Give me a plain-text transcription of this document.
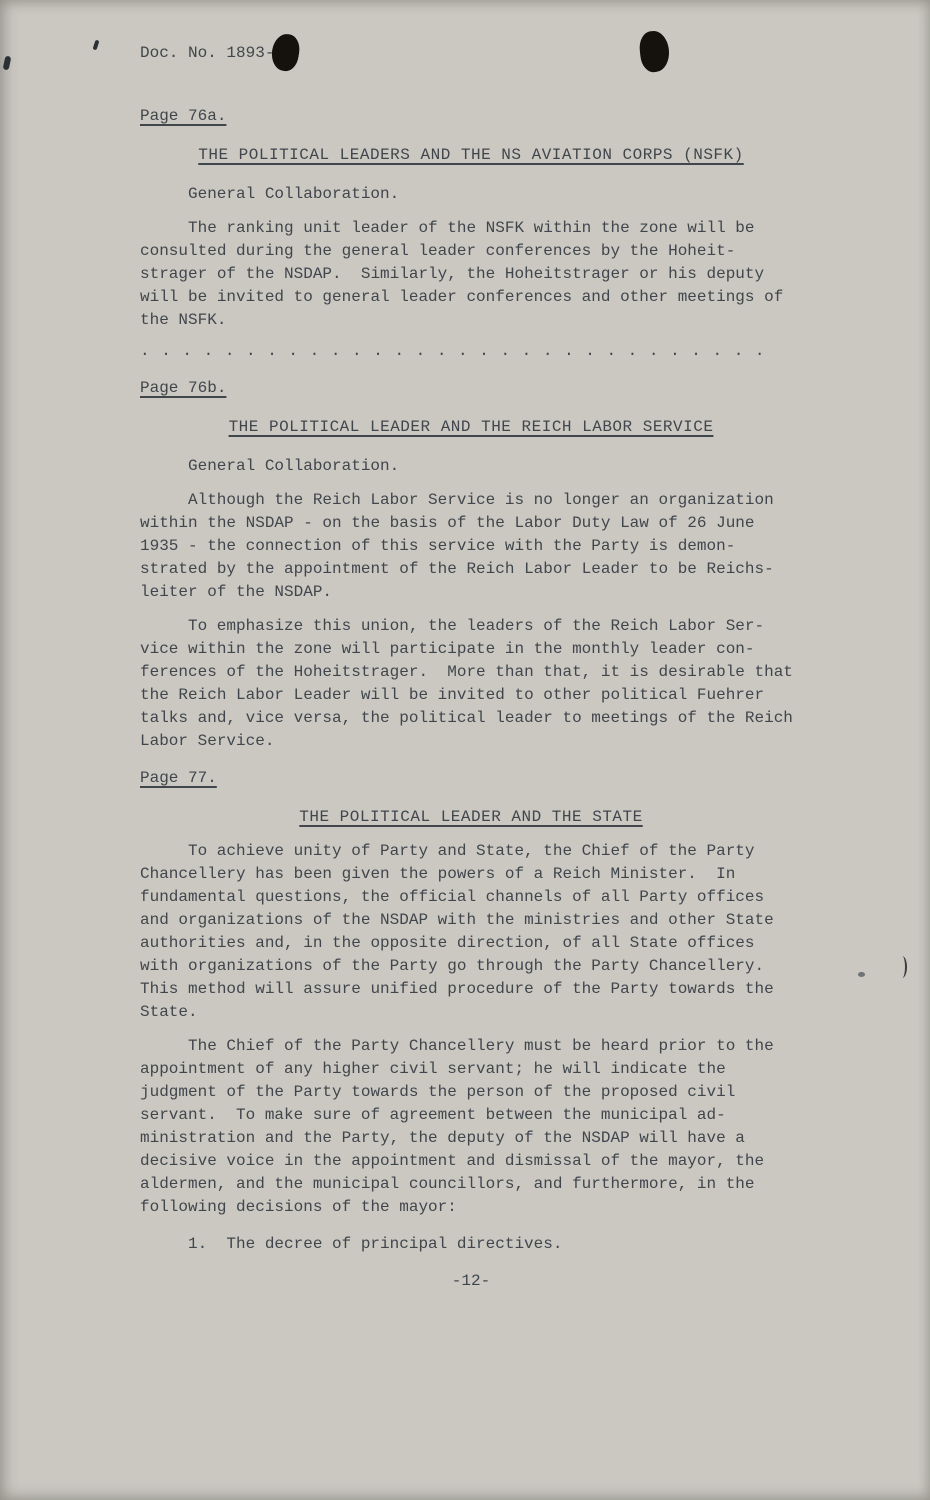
Doc. No. 1893-
Page 76a.
THE POLITICAL LEADERS AND THE NS AVIATION CORPS (NSFK)
General Collaboration.
The ranking unit leader of the NSFK within the zone will be consulted during the general leader conferences by the Hoheit-strager of the NSDAP.  Similarly, the Hoheitstrager or his deputy will be invited to general leader conferences and other meetings of the NSFK.
. . . . . . . . . . . . . . . . . . . . . . . . . . . . . .
Page 76b.
THE POLITICAL LEADER AND THE REICH LABOR SERVICE
General Collaboration.
Although the Reich Labor Service is no longer an organization within the NSDAP - on the basis of the Labor Duty Law of 26 June 1935 - the connection of this service with the Party is demon-strated by the appointment of the Reich Labor Leader to be Reichs-leiter of the NSDAP.
To emphasize this union, the leaders of the Reich Labor Ser-vice within the zone will participate in the monthly leader con-ferences of the Hoheitstrager.  More than that, it is desirable that the Reich Labor Leader will be invited to other political Fuehrer talks and, vice versa, the political leader to meetings of the Reich Labor Service.
Page 77.
THE POLITICAL LEADER AND THE STATE
To achieve unity of Party and State, the Chief of the Party Chancellery has been given the powers of a Reich Minister.  In fundamental questions, the official channels of all Party offices and organizations of the NSDAP with the ministries and other State authorities and, in the opposite direction, of all State offices with organizations of the Party go through the Party Chancellery.  This method will assure unified procedure of the Party towards the State.
The Chief of the Party Chancellery must be heard prior to the appointment of any higher civil servant; he will indicate the judgment of the Party towards the person of the proposed civil servant.  To make sure of agreement between the municipal ad-ministration and the Party, the deputy of the NSDAP will have a decisive voice in the appointment and dismissal of the mayor, the aldermen, and the municipal councillors, and furthermore, in the following decisions of the mayor:
1.  The decree of principal directives.
-12-
